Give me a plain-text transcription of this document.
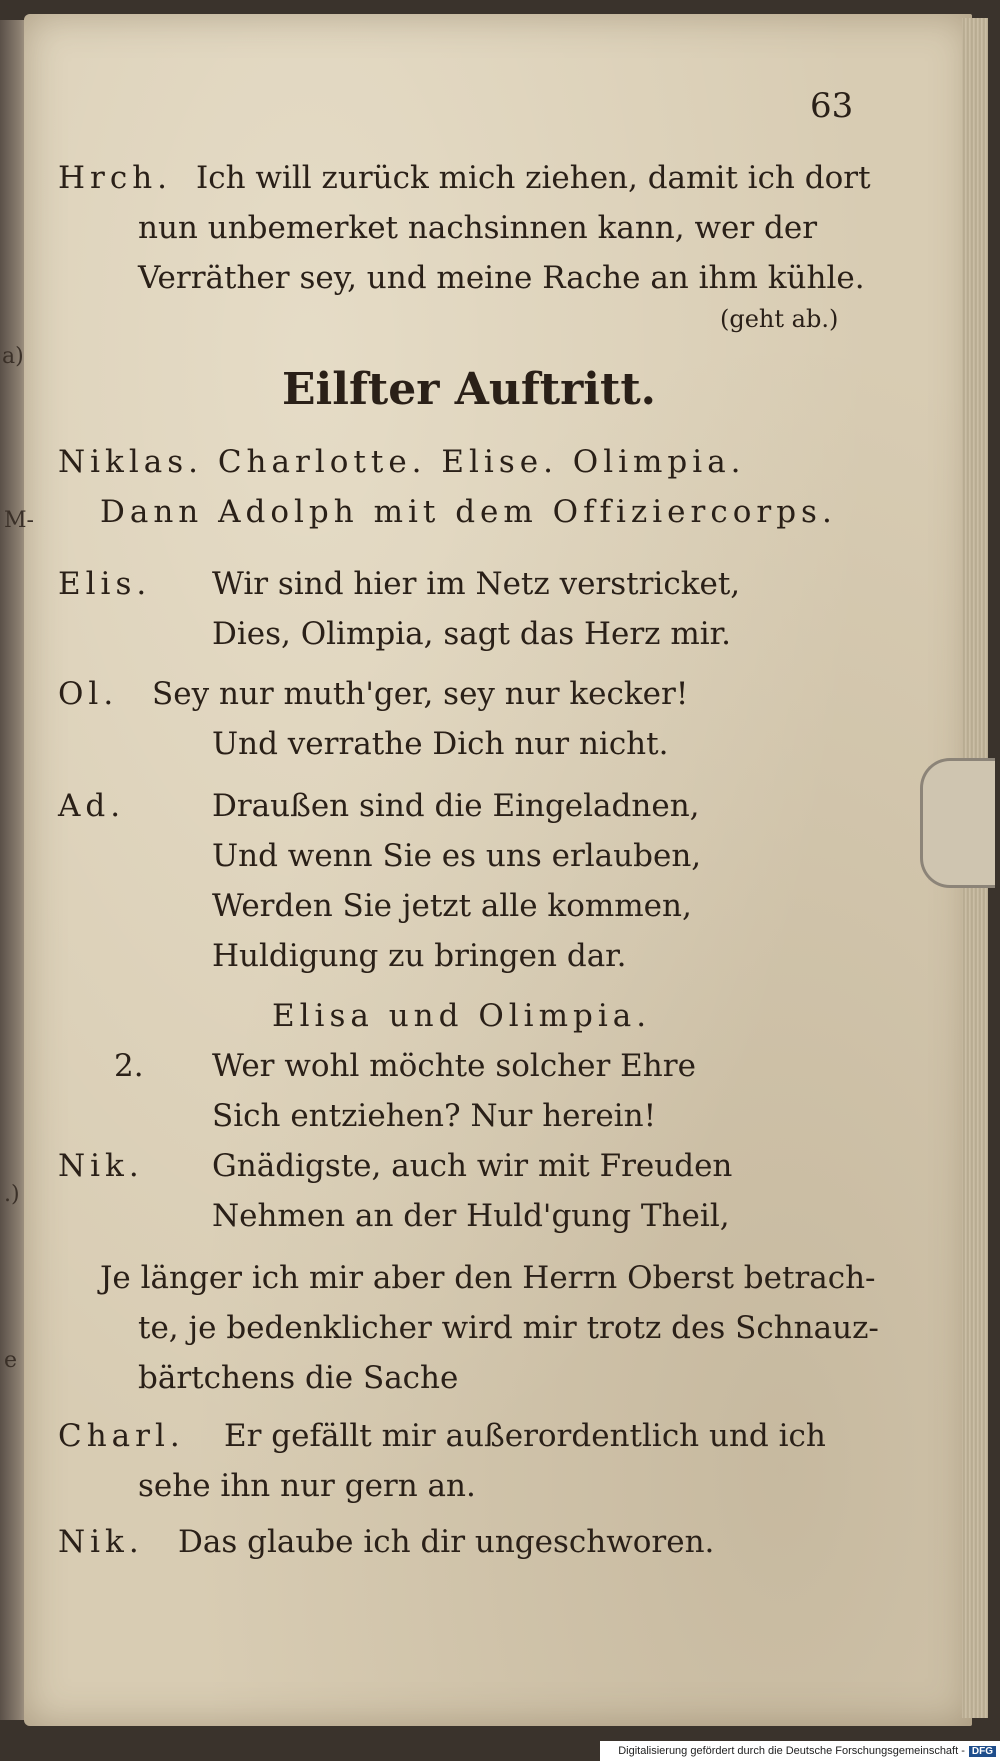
a)
M-
.)
e
63
Hrch. Ich will zurück mich ziehen, damit ich dort
nun unbemerket nachsinnen kann, wer der
Verräther sey, und meine Rache an ihm kühle.
(geht ab.)
Eilfter Auftritt.
Niklas. Charlotte. Elise. Olimpia.
Dann Adolph mit dem Offiziercorps.
Elis. Wir sind hier im Netz verstricket,
Dies, Olimpia, sagt das Herz mir.
Ol. Sey nur muth'ger, sey nur kecker!
Und verrathe Dich nur nicht.
Ad.	Draußen sind die Eingeladnen,
Und wenn Sie es uns erlauben,
Werden Sie jetzt alle kommen,
Huldigung zu bringen dar.
Elisa und Olimpia.
2. Wer wohl möchte solcher Ehre
Sich entziehen? Nur herein!
Nik. Gnädigste, auch wir mit Freuden
Nehmen an der Huld'gung Theil,
Je länger ich mir aber den Herrn Oberst betrach-
te, je bedenklicher wird mir trotz des Schnauz-
bärtchens die Sache
Charl. Er gefällt mir außerordentlich und ich
sehe ihn nur gern an.
Nik. Das glaube ich dir ungeschworen.
Digitalisierung gefördert durch die Deutsche Forschungsgemeinschaft - DFG
